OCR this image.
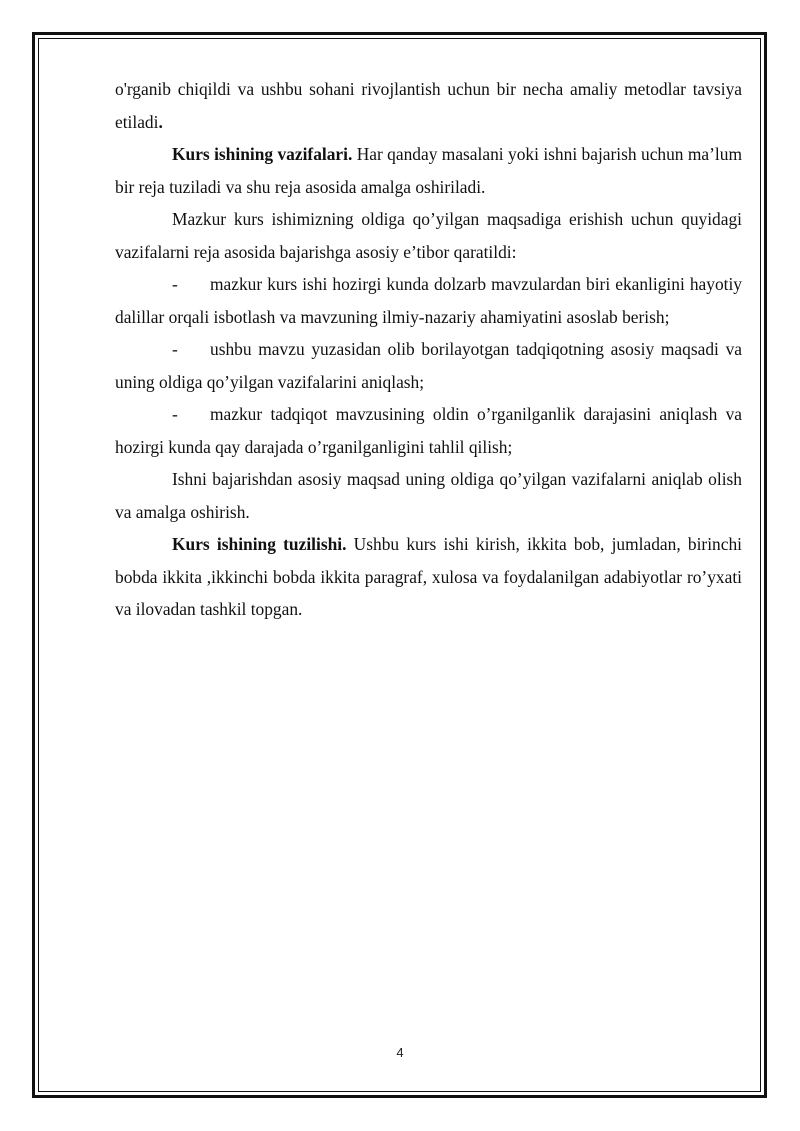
o'rganib chiqildi va ushbu sohani rivojlantish uchun bir necha amaliy metodlar tavsiya etiladi.

Kurs ishining vazifalari. Har qanday masalani yoki ishni bajarish uchun ma’lum bir reja tuziladi va shu reja asosida amalga oshiriladi.

Mazkur kurs ishimizning oldiga qo’yilgan maqsadiga erishish uchun quyidagi vazifalarni reja asosida bajarishga asosiy e’tibor qaratildi:

- mazkur kurs ishi hozirgi kunda dolzarb mavzulardan biri ekanligini hayotiy dalillar orqali isbotlash va mavzuning ilmiy-nazariy ahamiyatini asoslab berish;

- ushbu mavzu yuzasidan olib borilayotgan tadqiqotning asosiy maqsadi va uning oldiga qo’yilgan vazifalarini aniqlash;

- mazkur tadqiqot mavzusining oldin o’rganilganlik darajasini aniqlash va hozirgi kunda qay darajada o’rganilganligini tahlil qilish;

Ishni bajarishdan asosiy maqsad uning oldiga qo’yilgan vazifalarni aniqlab olish va amalga oshirish.

Kurs ishining tuzilishi. Ushbu kurs ishi kirish, ikkita bob, jumladan, birinchi bobda ikkita ,ikkinchi bobda ikkita paragraf, xulosa va foydalanilgan adabiyotlar ro’yxati va ilovadan tashkil topgan.

4
